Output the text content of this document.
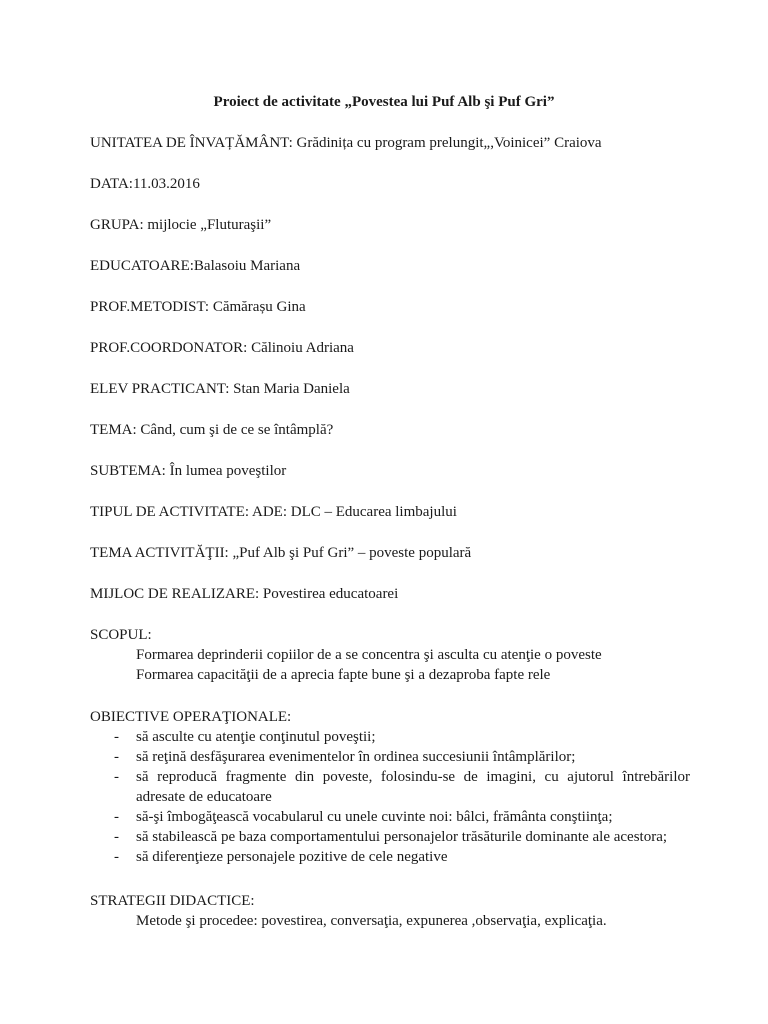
Proiect de activitate „Povestea lui Puf Alb şi Puf Gri”
UNITATEA DE ÎNVAȚĂMÂNT: Grădinița cu program prelungit„,Voinicei” Craiova
DATA:11.03.2016
GRUPA: mijlocie „Fluturaşii”
EDUCATOARE:Balasoiu Mariana
PROF.METODIST: Cămărașu Gina
PROF.COORDONATOR: Călinoiu Adriana
ELEV PRACTICANT: Stan Maria Daniela
TEMA: Când, cum şi de ce se întâmplă?
SUBTEMA: În lumea poveştilor
TIPUL DE ACTIVITATE: ADE: DLC – Educarea limbajului
TEMA ACTIVITĂŢII: „Puf Alb şi Puf Gri” – poveste populară
MIJLOC DE REALIZARE: Povestirea educatoarei
SCOPUL:
Formarea deprinderii copiilor de a se concentra şi asculta cu atenţie o poveste
Formarea capacităţii de a aprecia fapte bune şi a dezaproba fapte rele
OBIECTIVE OPERAŢIONALE:
- să asculte cu atenţie conţinutul poveştii;
- să reţină desfăşurarea evenimentelor în ordinea succesiunii întâmplărilor;
- să reproducă fragmente din poveste, folosindu-se de imagini, cu ajutorul întrebărilor adresate de educatoare
- să-şi îmbogăţească vocabularul cu unele cuvinte noi: bâlci, frământa conştiinţa;
- să stabilească pe baza comportamentului personajelor trăsăturile dominante ale acestora;
- să diferenţieze personajele pozitive de cele negative
STRATEGII DIDACTICE:
Metode şi procedee: povestirea, conversaţia, expunerea ,observaţia, explicaţia.
